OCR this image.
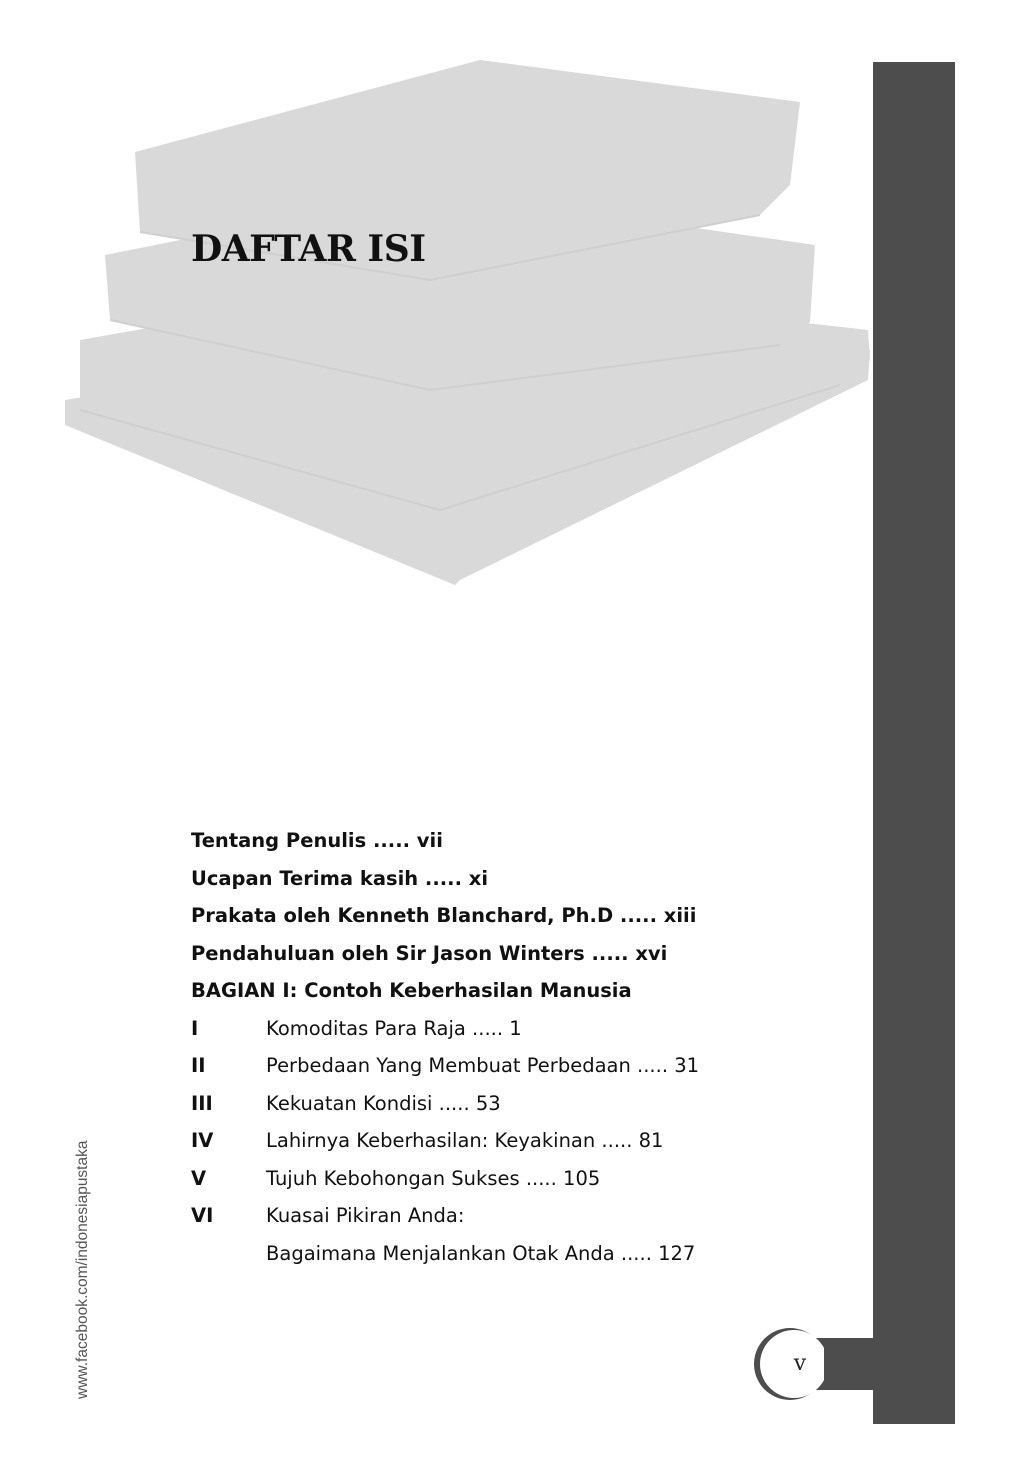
v
DAFTAR ISI
Tentang Penulis ..... vii
Ucapan Terima kasih ..... xi
Prakata oleh Kenneth Blanchard, Ph.D ..... xiii
Pendahuluan oleh Sir Jason Winters ..... xvi
BAGIAN I: Contoh Keberhasilan Manusia
I	Komoditas Para Raja ..... 1
II	Perbedaan Yang Membuat Perbedaan ..... 31
III	Kekuatan Kondisi ..... 53
IV	Lahirnya Keberhasilan: Keyakinan ..... 81
V	Tujuh Kebohongan Sukses ..... 105
VI	Kuasai Pikiran Anda:
Bagaimana Menjalankan Otak Anda ..... 127
www.facebook.com/indonesiapustaka
